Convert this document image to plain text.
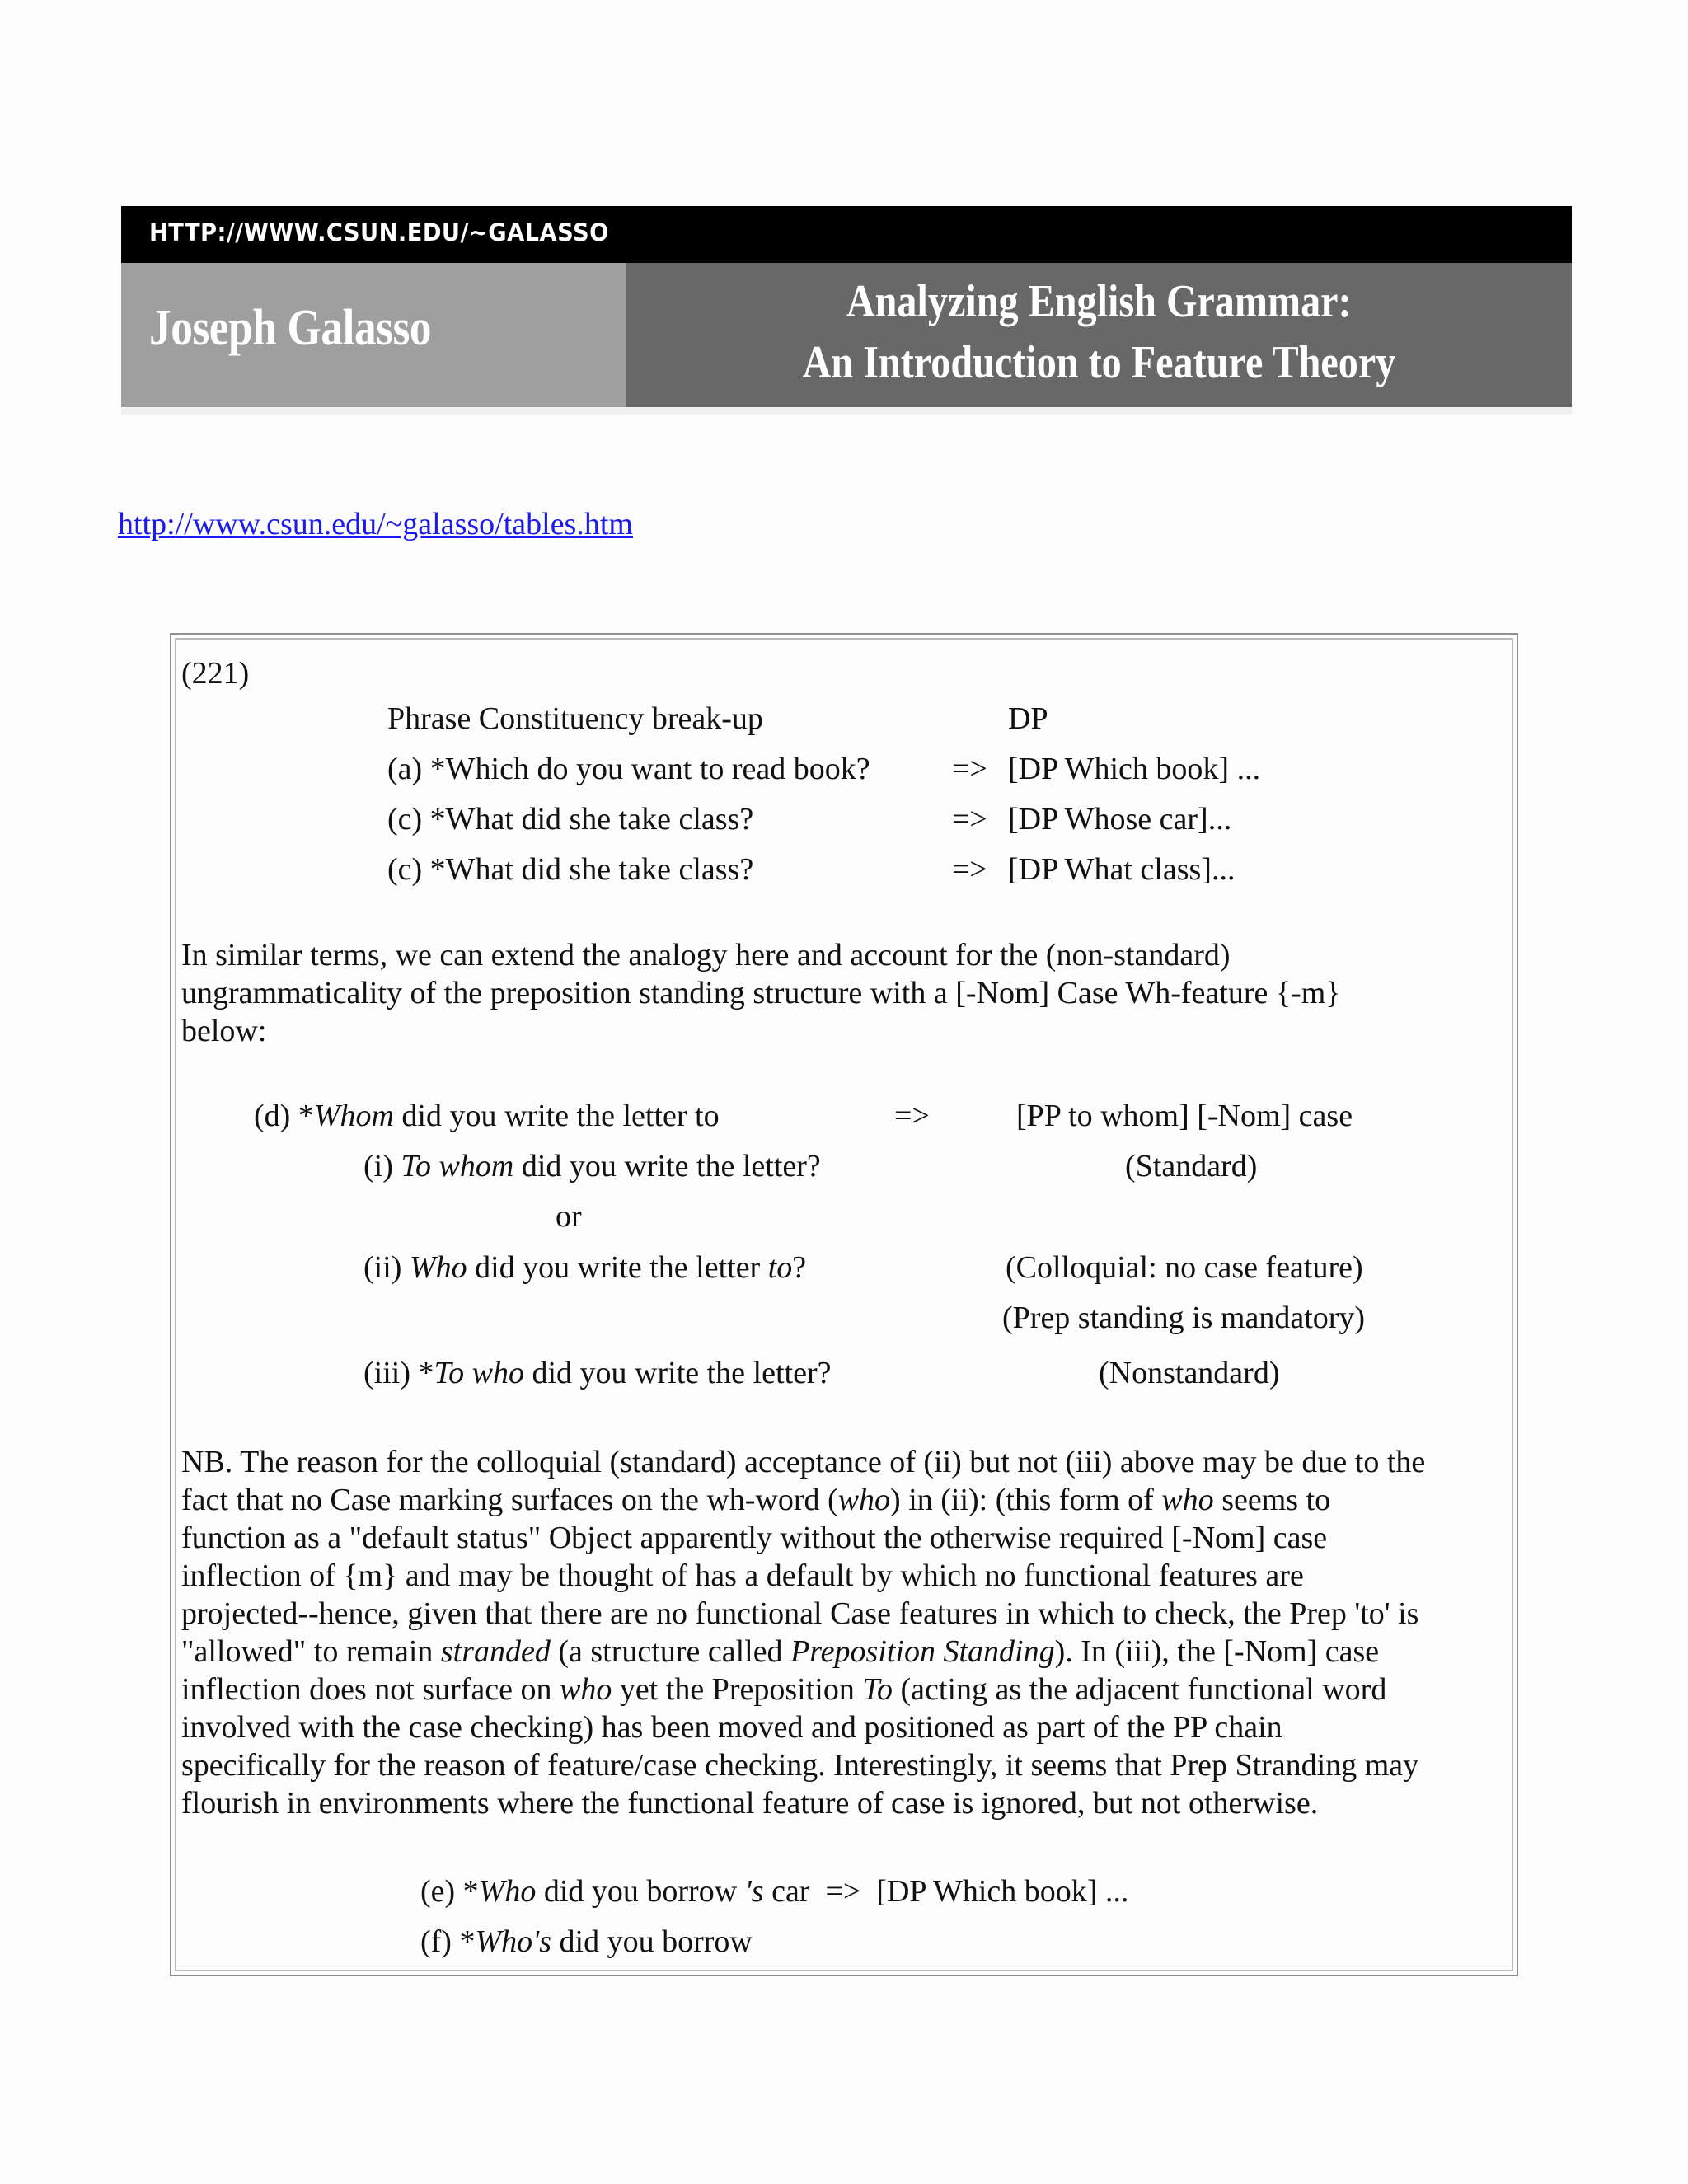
HTTP://WWW.CSUN.EDU/~GALASSO
Joseph Galasso	Analyzing English Grammar:
An Introduction to Feature Theory
http://www.csun.edu/~galasso/tables.htm
(221)
Phrase Constituency break-up	DP
(a) *Which do you want to read book?	=> [DP Which book] ...
(c) *What did she take class?	=> [DP Whose car]...
(c) *What did she take class?	=> [DP What class]...
In similar terms, we can extend the analogy here and account for the (non-standard)
ungrammaticality of the preposition standing structure with a [-Nom] Case Wh-feature {-m}
below:
(d) *Whom did you write the letter to	=>	[PP to whom] [-Nom] case
(i) To whom did you write the letter?	(Standard)
or
(ii) Who did you write the letter to?	(Colloquial: no case feature)
(Prep standing is mandatory)
(iii) *To who did you write the letter?	(Nonstandard)
NB. The reason for the colloquial (standard) acceptance of (ii) but not (iii) above may be due to the
fact that no Case marking surfaces on the wh-word (who) in (ii): (this form of who seems to
function as a "default status" Object apparently without the otherwise required [-Nom] case
inflection of {m} and may be thought of has a default by which no functional features are
projected--hence, given that there are no functional Case features in which to check, the Prep 'to' is
"allowed" to remain stranded (a structure called Preposition Standing). In (iii), the [-Nom] case
inflection does not surface on who yet the Preposition To (acting as the adjacent functional word
involved with the case checking) has been moved and positioned as part of the PP chain
specifically for the reason of feature/case checking. Interestingly, it seems that Prep Stranding may
flourish in environments where the functional feature of case is ignored, but not otherwise.
(e) *Who did you borrow 's car  =>  [DP Which book] ...
(f) *Who's did you borrow
